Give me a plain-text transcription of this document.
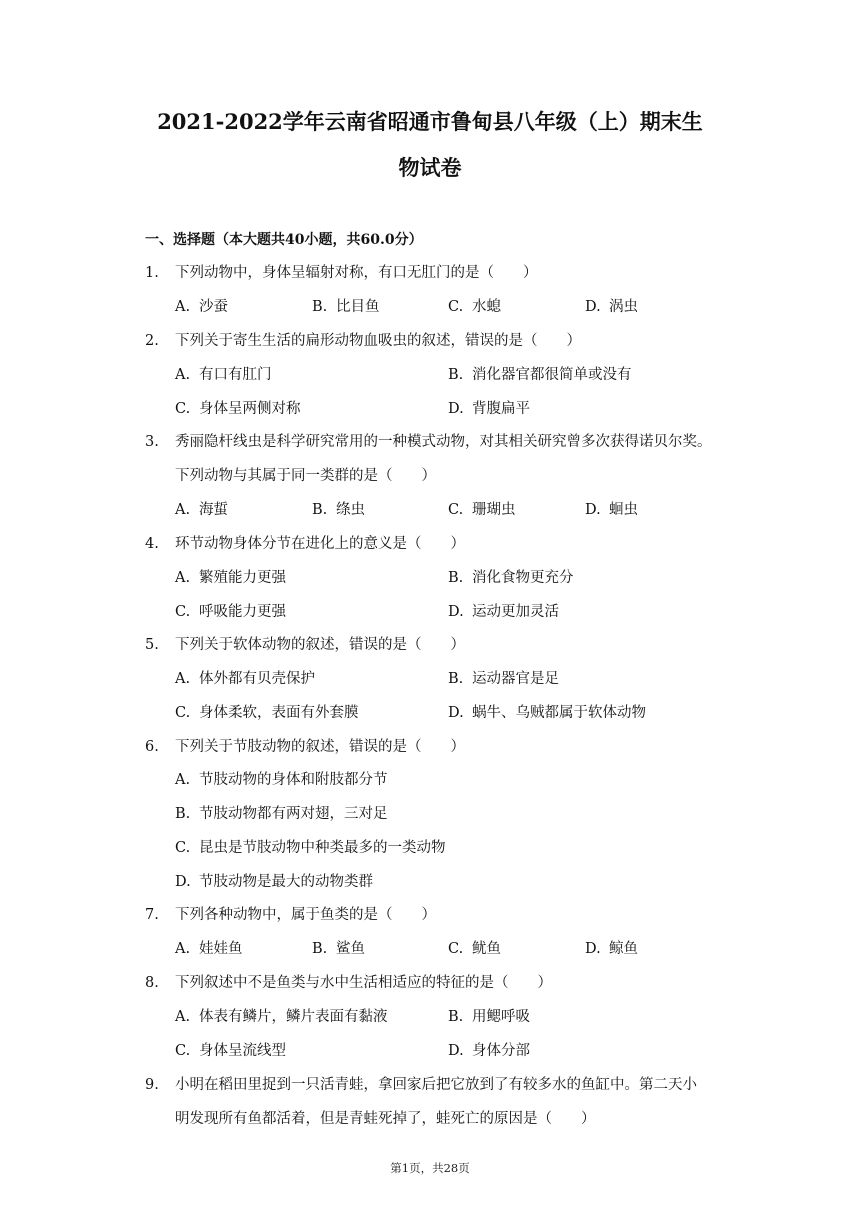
2021-2022学年云南省昭通市鲁甸县八年级（上）期末生
物试卷
一、选择题（本大题共40小题，共60.0分）
1. 下列动物中，身体呈辐射对称，有口无肛门的是（　　）
A. 沙蚕	B. 比目鱼	C. 水螅	D. 涡虫
2. 下列关于寄生生活的扁形动物血吸虫的叙述，错误的是（　　）
A. 有口有肛门	B. 消化器官都很简单或没有
C. 身体呈两侧对称	D. 背腹扁平
3. 秀丽隐杆线虫是科学研究常用的一种模式动物，对其相关研究曾多次获得诺贝尔奖。
下列动物与其属于同一类群的是（　　）
A. 海蜇	B. 绦虫	C. 珊瑚虫	D. 蛔虫
4. 环节动物身体分节在进化上的意义是（　　）
A. 繁殖能力更强	B. 消化食物更充分
C. 呼吸能力更强	D. 运动更加灵活
5. 下列关于软体动物的叙述，错误的是（　　）
A. 体外都有贝壳保护	B. 运动器官是足
C. 身体柔软，表面有外套膜	D. 蜗牛、乌贼都属于软体动物
6. 下列关于节肢动物的叙述，错误的是（　　）
A. 节肢动物的身体和附肢都分节
B. 节肢动物都有两对翅，三对足
C. 昆虫是节肢动物中种类最多的一类动物
D. 节肢动物是最大的动物类群
7. 下列各种动物中，属于鱼类的是（　　）
A. 娃娃鱼	B. 鲨鱼	C. 鱿鱼	D. 鲸鱼
8. 下列叙述中不是鱼类与水中生活相适应的特征的是（　　）
A. 体表有鳞片，鳞片表面有黏液	B. 用鳃呼吸
C. 身体呈流线型	D. 身体分部
9. 小明在稻田里捉到一只活青蛙，拿回家后把它放到了有较多水的鱼缸中。第二天小
明发现所有鱼都活着，但是青蛙死掉了，蛙死亡的原因是（　　）
第1页，共28页
